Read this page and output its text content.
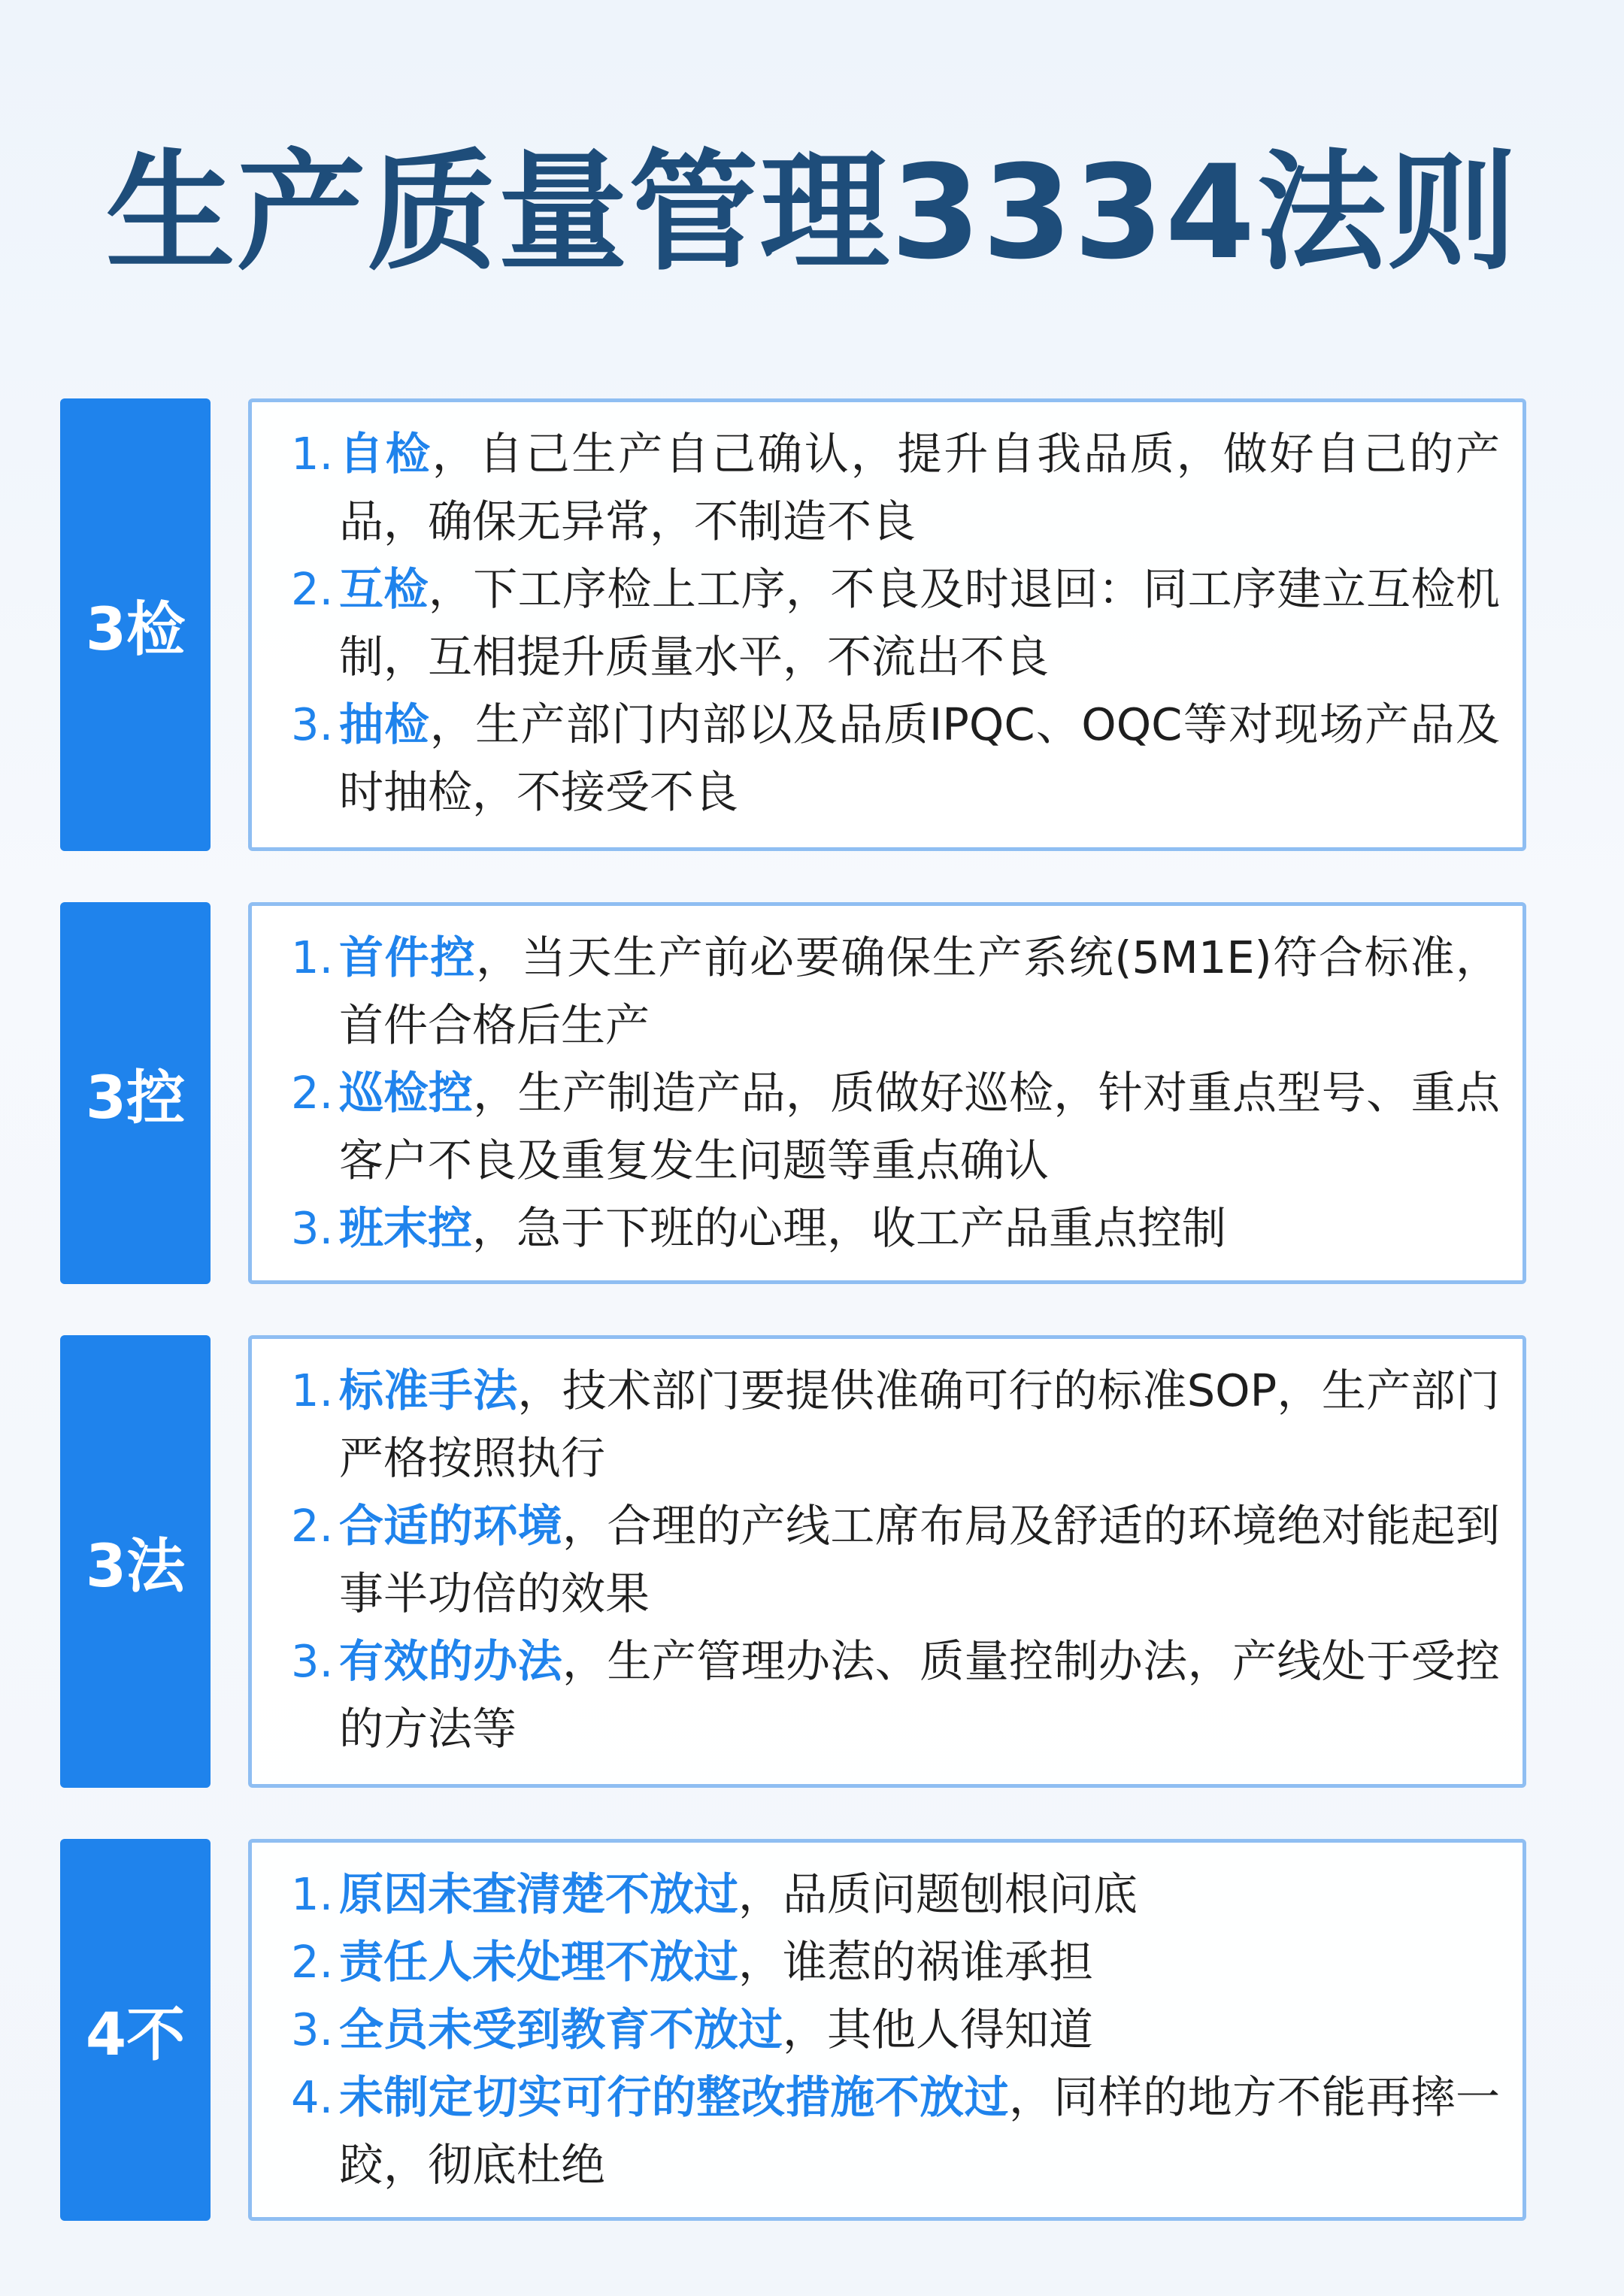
生产质量管理3334法则
3检
1. 自检，自己生产自己确认，提升自我品质，做好自己的产品，确保无异常，不制造不良
2. 互检，下工序检上工序，不良及时退回：同工序建立互检机制，互相提升质量水平，不流出不良
3. 抽检，生产部门内部以及品质IPQC、OQC等对现场产品及时抽检，不接受不良
3控
1. 首件控，当天生产前必要确保生产系统(5M1E)符合标准，首件合格后生产
2. 巡检控，生产制造产品，质做好巡检，针对重点型号、重点客户不良及重复发生问题等重点确认
3. 班末控，急于下班的心理，收工产品重点控制
3法
1. 标准手法，技术部门要提供准确可行的标准SOP，生产部门严格按照执行
2. 合适的环境，合理的产线工席布局及舒适的环境绝对能起到事半功倍的效果
3. 有效的办法，生产管理办法、质量控制办法，产线处于受控的方法等
4不
1. 原因未查清楚不放过，品质问题刨根问底
2. 责任人未处理不放过，谁惹的祸谁承担
3. 全员未受到教育不放过，其他人得知道
4. 未制定切实可行的整改措施不放过，同样的地方不能再摔一跤，彻底杜绝
